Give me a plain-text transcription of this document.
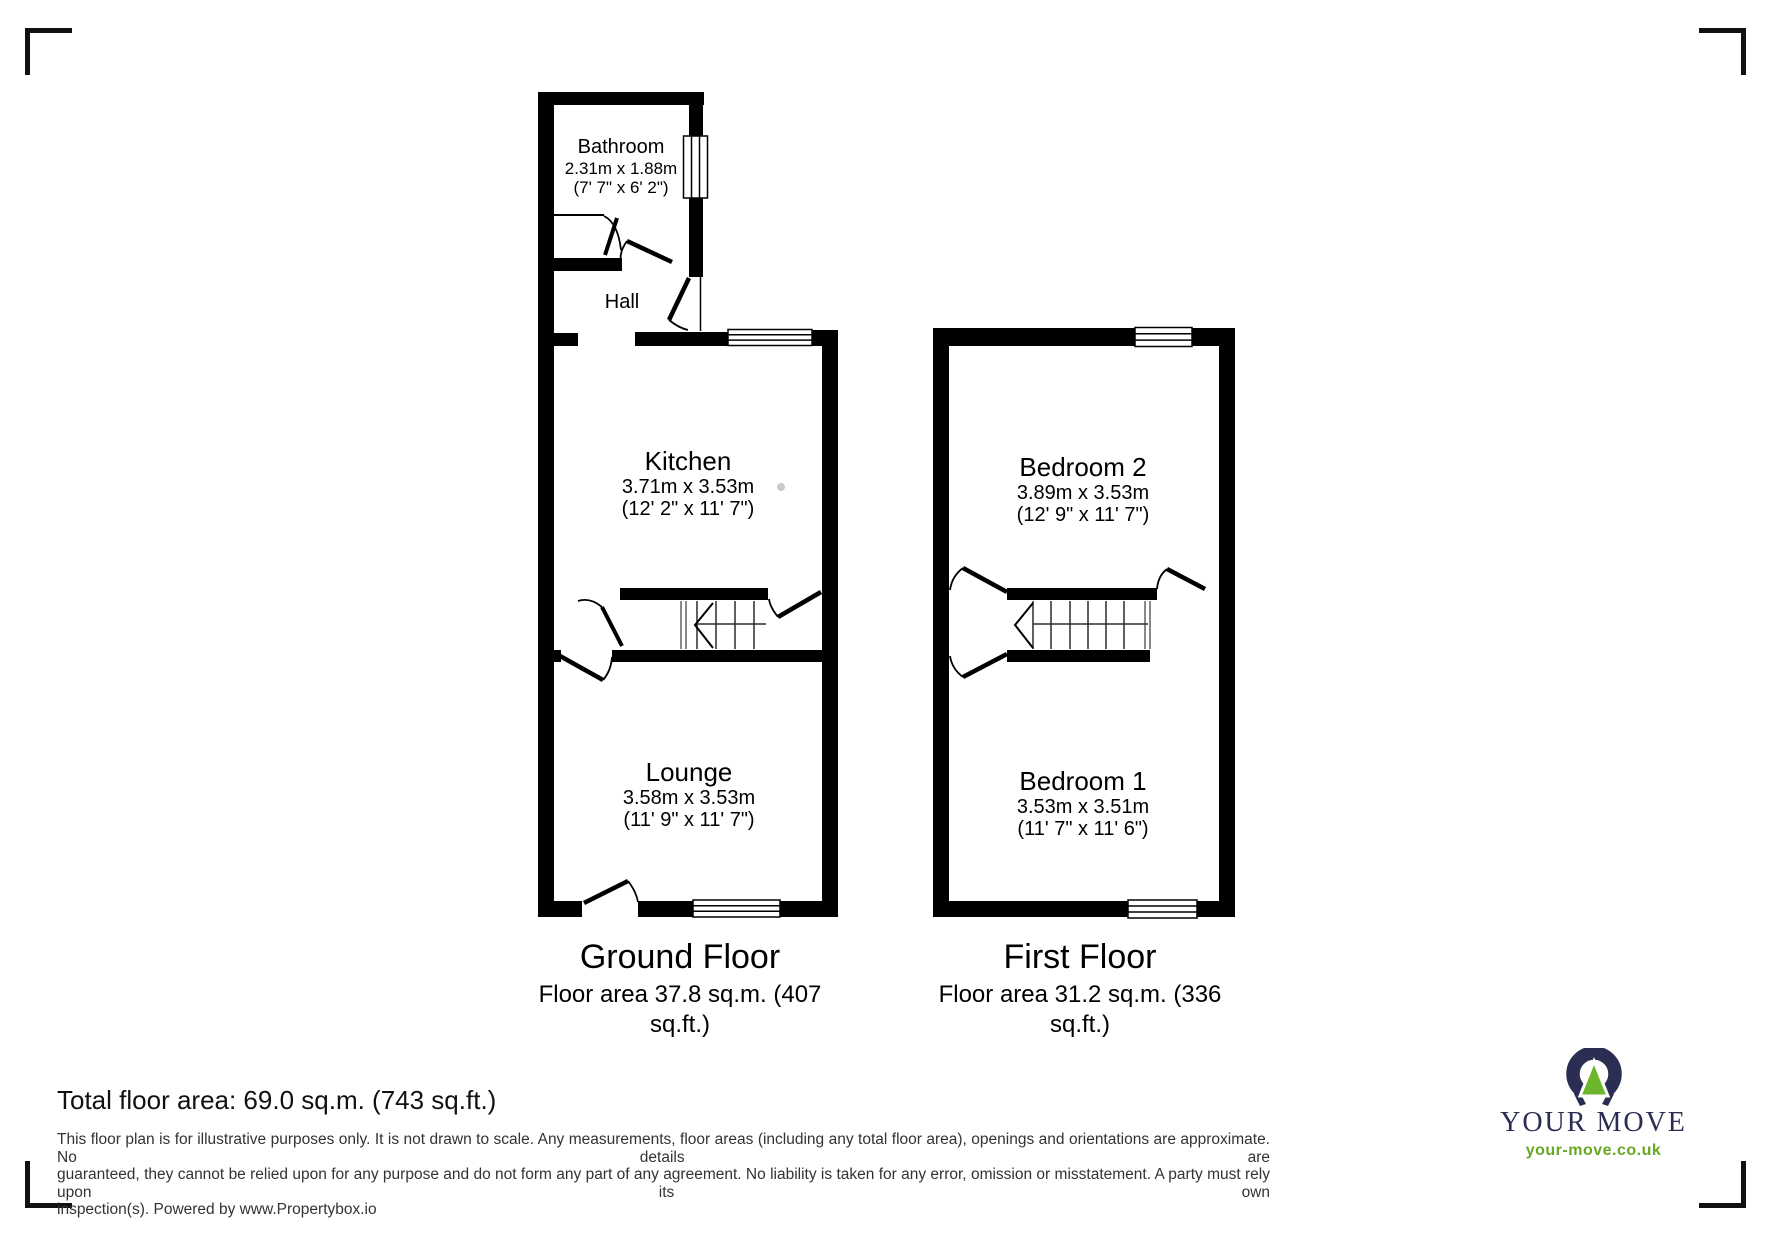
Bathroom
2.31m x 1.88m
(7' 7" x 6' 2")
Hall
Kitchen
3.71m x 3.53m
(12' 2" x 11' 7")
Lounge
3.58m x 3.53m
(11' 9" x 11' 7")
Bedroom 2
3.89m x 3.53m
(12' 9" x 11' 7")
Bedroom 1
3.53m x 3.51m
(11' 7" x 11' 6")
Ground Floor
Floor area 37.8 sq.m. (407 sq.ft.)
First Floor
Floor area 31.2 sq.m. (336 sq.ft.)
Total floor area: 69.0 sq.m. (743 sq.ft.)
This floor plan is for illustrative purposes only. It is not drawn to scale. Any measurements, floor areas (including any total floor area), openings and orientations are approximate. No details are
guaranteed, they cannot be relied upon for any purpose and do not form any part of any agreement. No liability is taken for any error, omission or misstatement. A party must rely upon its own
inspection(s). Powered by www.Propertybox.io
YOUR MOVE
your-move.co.uk
